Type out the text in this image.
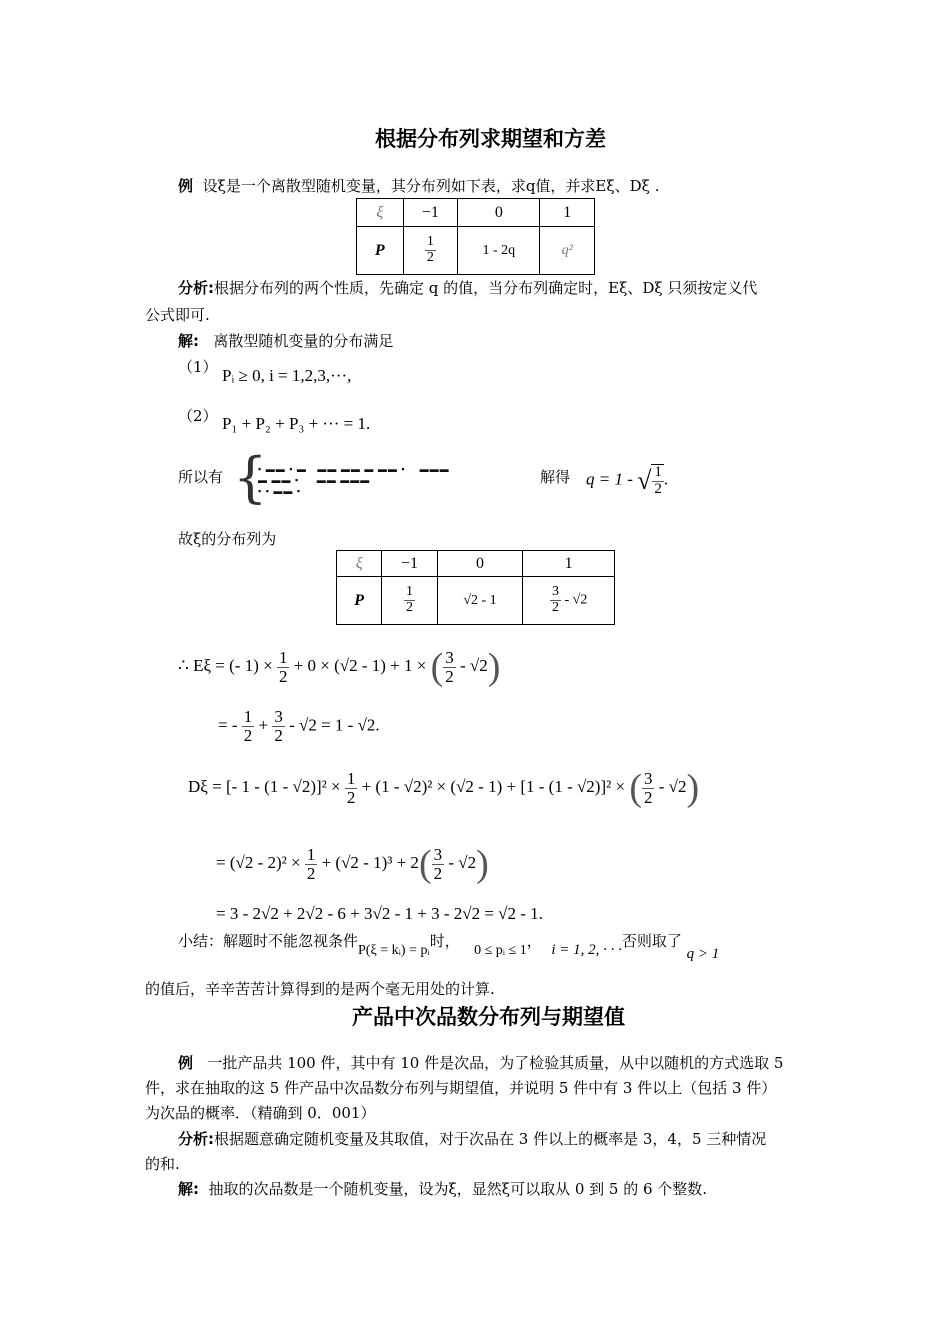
根据分布列求期望和方差
例 设ξ是一个离散型随机变量，其分布列如下表，求q值，并求Eξ、Dξ .
ξ	−1	0	1
P	$\frac{1}{2}$	1 - 2q	q²
分析:根据分布列的两个性质，先确定 q 的值，当分布列确定时，Eξ、Dξ 只须按定义代
公式即可.
解: 离散型随机变量的分布满足
（1） Pᵢ ≥ 0, i = 1,2,3,···,
（2） P₁ + P₂ + P₃ + ··· = 1.
所以有 {
▪ ▬▬ ▪ ▬   ▬▬ ▬▬ ▬ ▬▬ ▪    ▬▬▬
▬ ▬▬ ▪     ▬▬ ▬▬▬
▪ ▪ ▬▬ ▪
解得 q = 1 - √ $\frac{1}{2}$ .
故ξ的分布列为
ξ	−1	0	1
P	$\frac{1}{2}$	√2 - 1	$\frac{3}{2} - √2$
∴ Eξ = (- $1) \times \frac{1}{2} + 0 \times (√2 - 1) + 1$ × ( $\frac{3}{2} - √2$)
= - $\frac{1}{2} + \frac{3}{2} - √2 = 1 - √2$.
Dξ = [- $1 - (1 - √2)]^2 \times \frac{1}{2} + (1 - √2)^2 \times (√2 - 1) + [1 - (1 - √2)]^2$ × ( $\frac{3}{2} - √2$)
= $(√2 - 2)^2 \times \frac{1}{2} + (√2 - 1)^3 + 2( \frac{3}{2} - √2)$
= 3 - 2√2 + 2√2 - 6 + 3√2 - 1 + 3 - 2√2 = √2 - 1.
小结：解题时不能忽视条件P(ξ = kᵢ) = pᵢ时，   0 ≤ pᵢ ≤ 1， i = 1, 2, · · ·否则取了 q > 1
的值后，辛辛苦苦计算得到的是两个毫无用处的计算.
产品中次品数分布列与期望值
例 一批产品共 100 件，其中有 10 件是次品，为了检验其质量，从中以随机的方式选取 5
件，求在抽取的这 5 件产品中次品数分布列与期望值，并说明 5 件中有 3 件以上（包括 3 件）
为次品的概率．（精确到 0．001）
分析:根据题意确定随机变量及其取值，对于次品在 3 件以上的概率是 3，4，5 三种情况
的和.
解: 抽取的次品数是一个随机变量，设为ξ，显然ξ可以取从 0 到 5 的 6 个整数.
